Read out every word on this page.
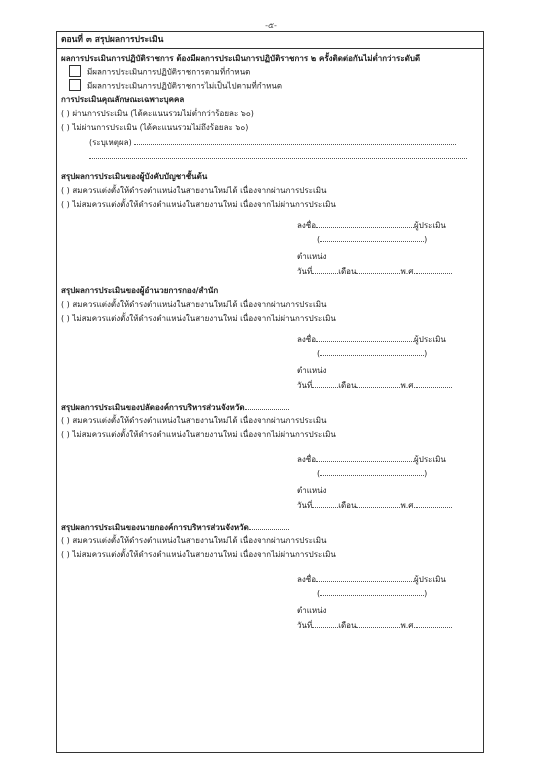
-๕-
ตอนที่ ๓ สรุปผลการประเมิน
ผลการประเมินการปฏิบัติราชการ ต้องมีผลการประเมินการปฏิบัติราชการ ๒ ครั้งติดต่อกันไม่ต่ำกว่าระดับดี
มีผลการประเมินการปฏิบัติราชการตามที่กำหนด
มีผลการประเมินการปฏิบัติราชการไม่เป็นไปตามที่กำหนด
การประเมินคุณลักษณะเฉพาะบุคคล
( ) ผ่านการประเมิน (ได้คะแนนรวมไม่ต่ำกว่าร้อยละ ๖๐)
( ) ไม่ผ่านการประเมิน (ได้คะแนนรวมไม่ถึงร้อยละ ๖๐)
(ระบุเหตุผล)
สรุปผลการประเมินของผู้บังคับบัญชาชั้นต้น
( ) สมควรแต่งตั้งให้ดำรงตำแหน่งในสายงานใหม่ได้ เนื่องจากผ่านการประเมิน
( ) ไม่สมควรแต่งตั้งให้ดำรงตำแหน่งในสายงานใหม่ เนื่องจากไม่ผ่านการประเมิน
ลงชื่อ	ผู้ประเมิน
(	)
ตำแหน่ง
วันที่	เดือน	พ.ศ.
สรุปผลการประเมินของผู้อำนวยการกอง/สำนัก
( ) สมควรแต่งตั้งให้ดำรงตำแหน่งในสายงานใหม่ได้ เนื่องจากผ่านการประเมิน
( ) ไม่สมควรแต่งตั้งให้ดำรงตำแหน่งในสายงานใหม่ เนื่องจากไม่ผ่านการประเมิน
ลงชื่อ	ผู้ประเมิน
(	)
ตำแหน่ง
วันที่	เดือน	พ.ศ.
สรุปผลการประเมินของปลัดองค์การบริหารส่วนจังหวัด
( ) สมควรแต่งตั้งให้ดำรงตำแหน่งในสายงานใหม่ได้ เนื่องจากผ่านการประเมิน
( ) ไม่สมควรแต่งตั้งให้ดำรงตำแหน่งในสายงานใหม่ เนื่องจากไม่ผ่านการประเมิน
ลงชื่อ	ผู้ประเมิน
(	)
ตำแหน่ง
วันที่	เดือน	พ.ศ.
สรุปผลการประเมินของนายกองค์การบริหารส่วนจังหวัด
( ) สมควรแต่งตั้งให้ดำรงตำแหน่งในสายงานใหม่ได้ เนื่องจากผ่านการประเมิน
( ) ไม่สมควรแต่งตั้งให้ดำรงตำแหน่งในสายงานใหม่ เนื่องจากไม่ผ่านการประเมิน
ลงชื่อ	ผู้ประเมิน
(	)
ตำแหน่ง
วันที่	เดือน	พ.ศ.
